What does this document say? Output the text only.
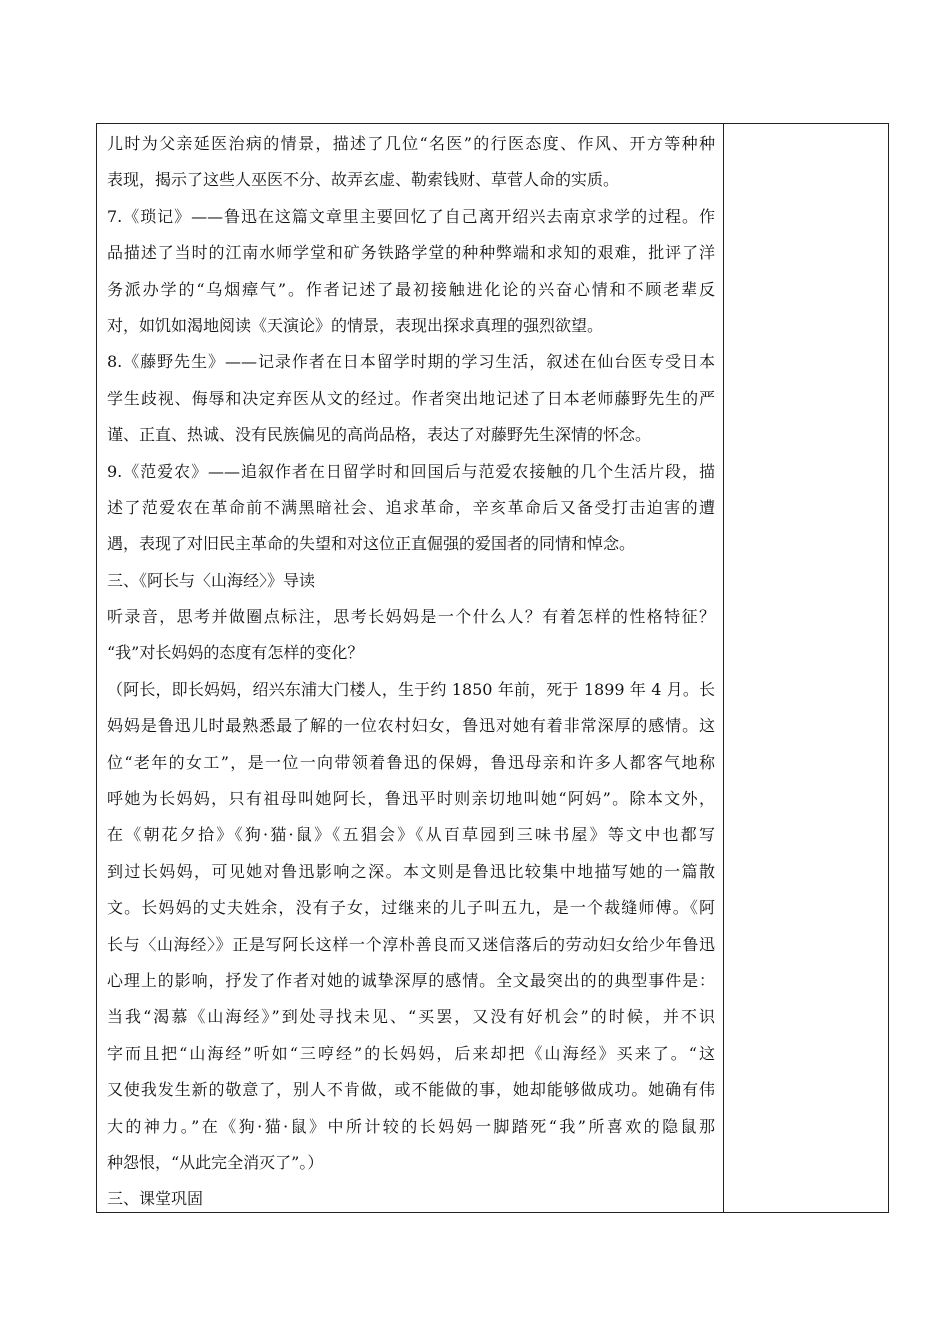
儿时为父亲延医治病的情景，描述了几位“名医”的行医态度、作风、开方等种种
表现，揭示了这些人巫医不分、故弄玄虚、勒索钱财、草菅人命的实质。
7.《琐记》——鲁迅在这篇文章里主要回忆了自己离开绍兴去南京求学的过程。作
品描述了当时的江南水师学堂和矿务铁路学堂的种种弊端和求知的艰难，批评了洋
务派办学的“乌烟瘴气”。作者记述了最初接触进化论的兴奋心情和不顾老辈反
对，如饥如渴地阅读《天演论》的情景，表现出探求真理的强烈欲望。
8.《藤野先生》——记录作者在日本留学时期的学习生活，叙述在仙台医专受日本
学生歧视、侮辱和决定弃医从文的经过。作者突出地记述了日本老师藤野先生的严
谨、正直、热诚、没有民族偏见的高尚品格，表达了对藤野先生深情的怀念。
9.《范爱农》——追叙作者在日留学时和回国后与范爱农接触的几个生活片段，描
述了范爱农在革命前不满黑暗社会、追求革命，辛亥革命后又备受打击迫害的遭
遇，表现了对旧民主革命的失望和对这位正直倔强的爱国者的同情和悼念。
三、《阿长与〈山海经〉》导读
听录音，思考并做圈点标注，思考长妈妈是一个什么人？有着怎样的性格特征？
“我”对长妈妈的态度有怎样的变化？
（阿长，即长妈妈，绍兴东浦大门楼人，生于约 1850 年前，死于 1899 年 4 月。长
妈妈是鲁迅儿时最熟悉最了解的一位农村妇女，鲁迅对她有着非常深厚的感情。这
位“老年的女工”，是一位一向带领着鲁迅的保姆，鲁迅母亲和许多人都客气地称
呼她为长妈妈，只有祖母叫她阿长，鲁迅平时则亲切地叫她“阿妈”。除本文外，
在《朝花夕拾》《狗·猫·鼠》《五猖会》《从百草园到三味书屋》等文中也都写
到过长妈妈，可见她对鲁迅影响之深。本文则是鲁迅比较集中地描写她的一篇散
文。长妈妈的丈夫姓余，没有子女，过继来的儿子叫五九，是一个裁缝师傅。《阿
长与〈山海经〉》正是写阿长这样一个淳朴善良而又迷信落后的劳动妇女给少年鲁迅
心理上的影响，抒发了作者对她的诚挚深厚的感情。全文最突出的的典型事件是：
当我“渴慕《山海经》”到处寻找未见、“买罢，又没有好机会”的时候，并不识
字而且把“山海经”听如“三哼经”的长妈妈，后来却把《山海经》买来了。“这
又使我发生新的敬意了，别人不肯做，或不能做的事，她却能够做成功。她确有伟
大的神力。”在《狗·猫·鼠》中所计较的长妈妈一脚踏死“我”所喜欢的隐鼠那
种怨恨，“从此完全消灭了”。）
三、课堂巩固
